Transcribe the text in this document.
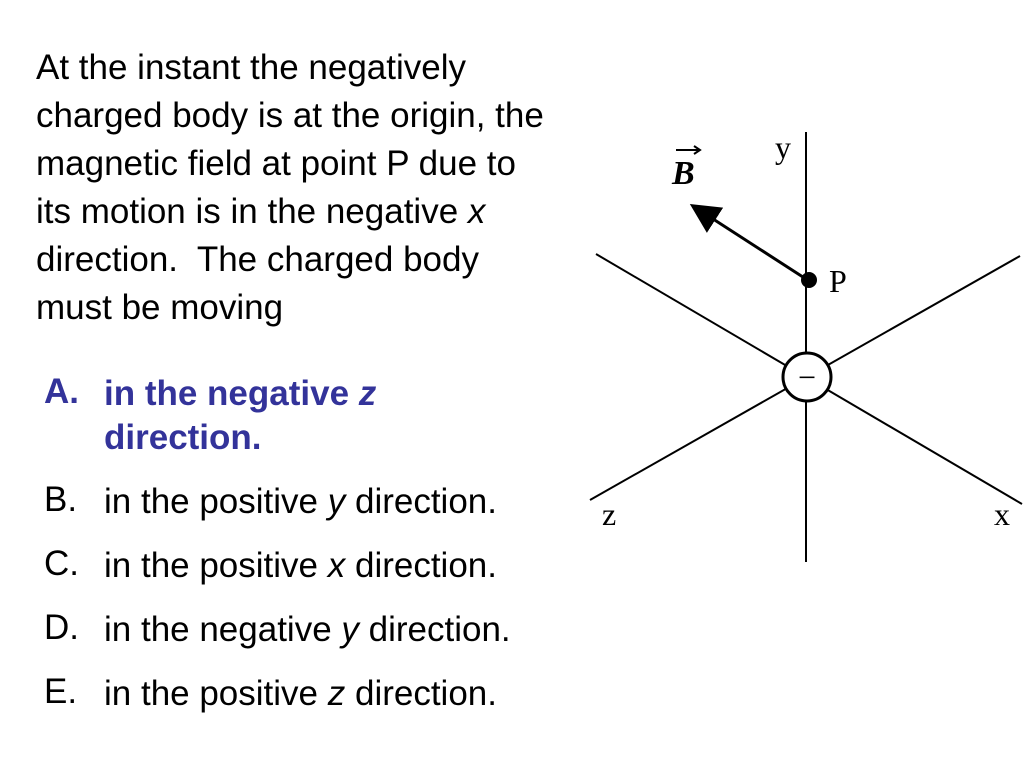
At the instant the negatively
charged body is at the origin, the
magnetic field at point P due to
its motion is in the negative x
direction.  The charged body
must be moving
A. in the negative z
direction.
B. in the positive y direction.
C. in the positive x direction.
D. in the negative y direction.
E. in the positive z direction.
−
P
B
y
z	x
